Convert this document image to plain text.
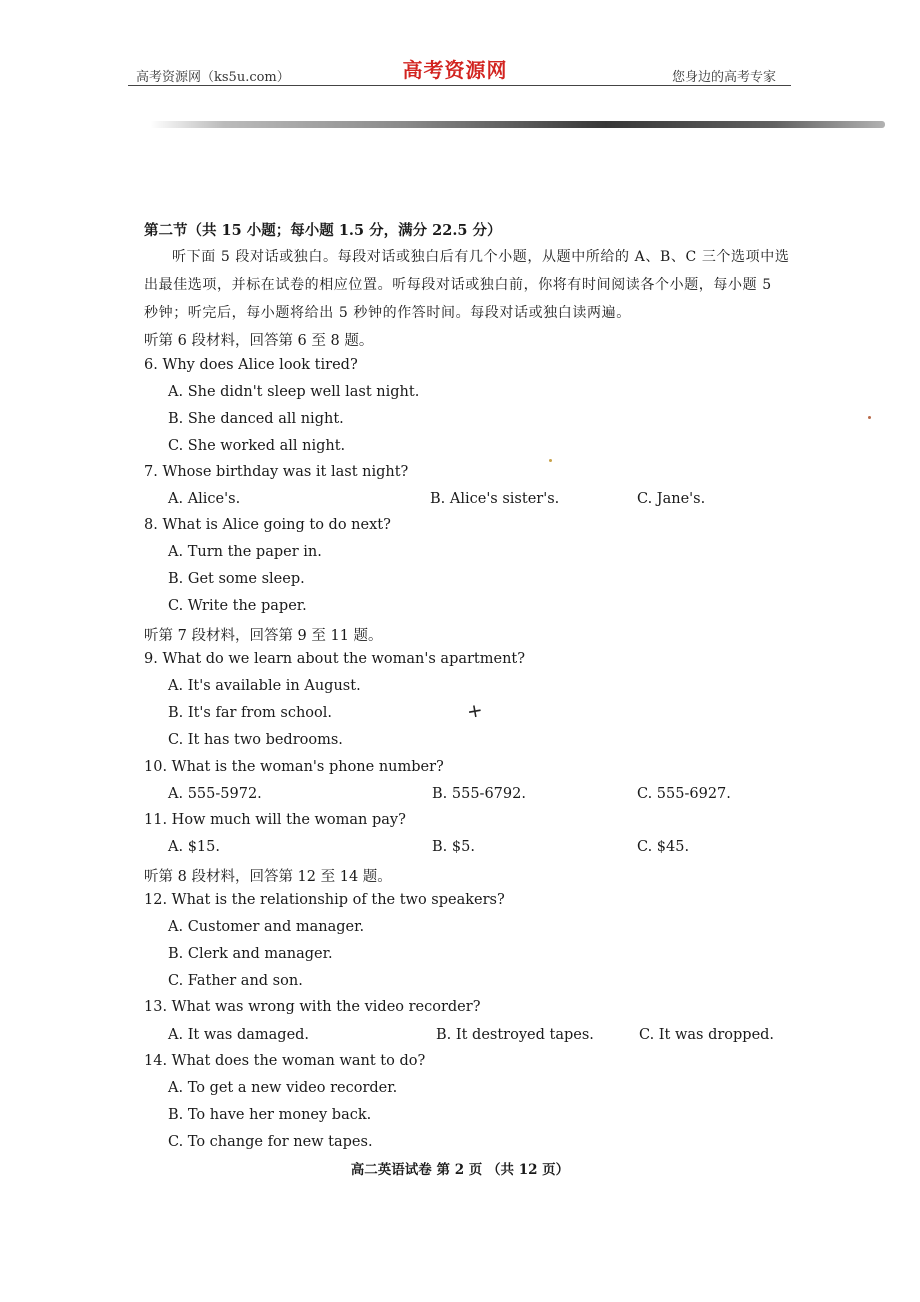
高考资源网（ks5u.com）	高考资源网	您身边的高考专家
第二节（共 15 小题；每小题 1.5 分，满分 22.5 分）
听下面 5 段对话或独白。每段对话或独白后有几个小题，从题中所给的 A、B、C 三个选项中选
出最佳选项，并标在试卷的相应位置。听每段对话或独白前，你将有时间阅读各个小题，每小题 5
秒钟；听完后，每小题将给出 5 秒钟的作答时间。每段对话或独白读两遍。
听第 6 段材料，回答第 6 至 8 题。
6. Why does Alice look tired?
A. She didn't sleep well last night.
B. She danced all night.
C. She worked all night.
7. Whose birthday was it last night?
A. Alice's.	B. Alice's sister's.	C. Jane's.
8. What is Alice going to do next?
A. Turn the paper in.
B. Get some sleep.
C. Write the paper.
听第 7 段材料，回答第 9 至 11 题。
9. What do we learn about the woman's apartment?
A. It's available in August.
B. It's far from school.
C. It has two bedrooms.
10. What is the woman's phone number?
A. 555-5972.	B. 555-6792.	C. 555-6927.
11. How much will the woman pay?
A. $15.	B. $5.	C. $45.
听第 8 段材料，回答第 12 至 14 题。
12. What is the relationship of the two speakers?
A. Customer and manager.
B. Clerk and manager.
C. Father and son.
13. What was wrong with the video recorder?
A. It was damaged.	B. It destroyed tapes.	C. It was dropped.
14. What does the woman want to do?
A. To get a new video recorder.
B. To have her money back.
C. To change for new tapes.
高二英语试卷 第 2 页 （共 12 页）
✕
